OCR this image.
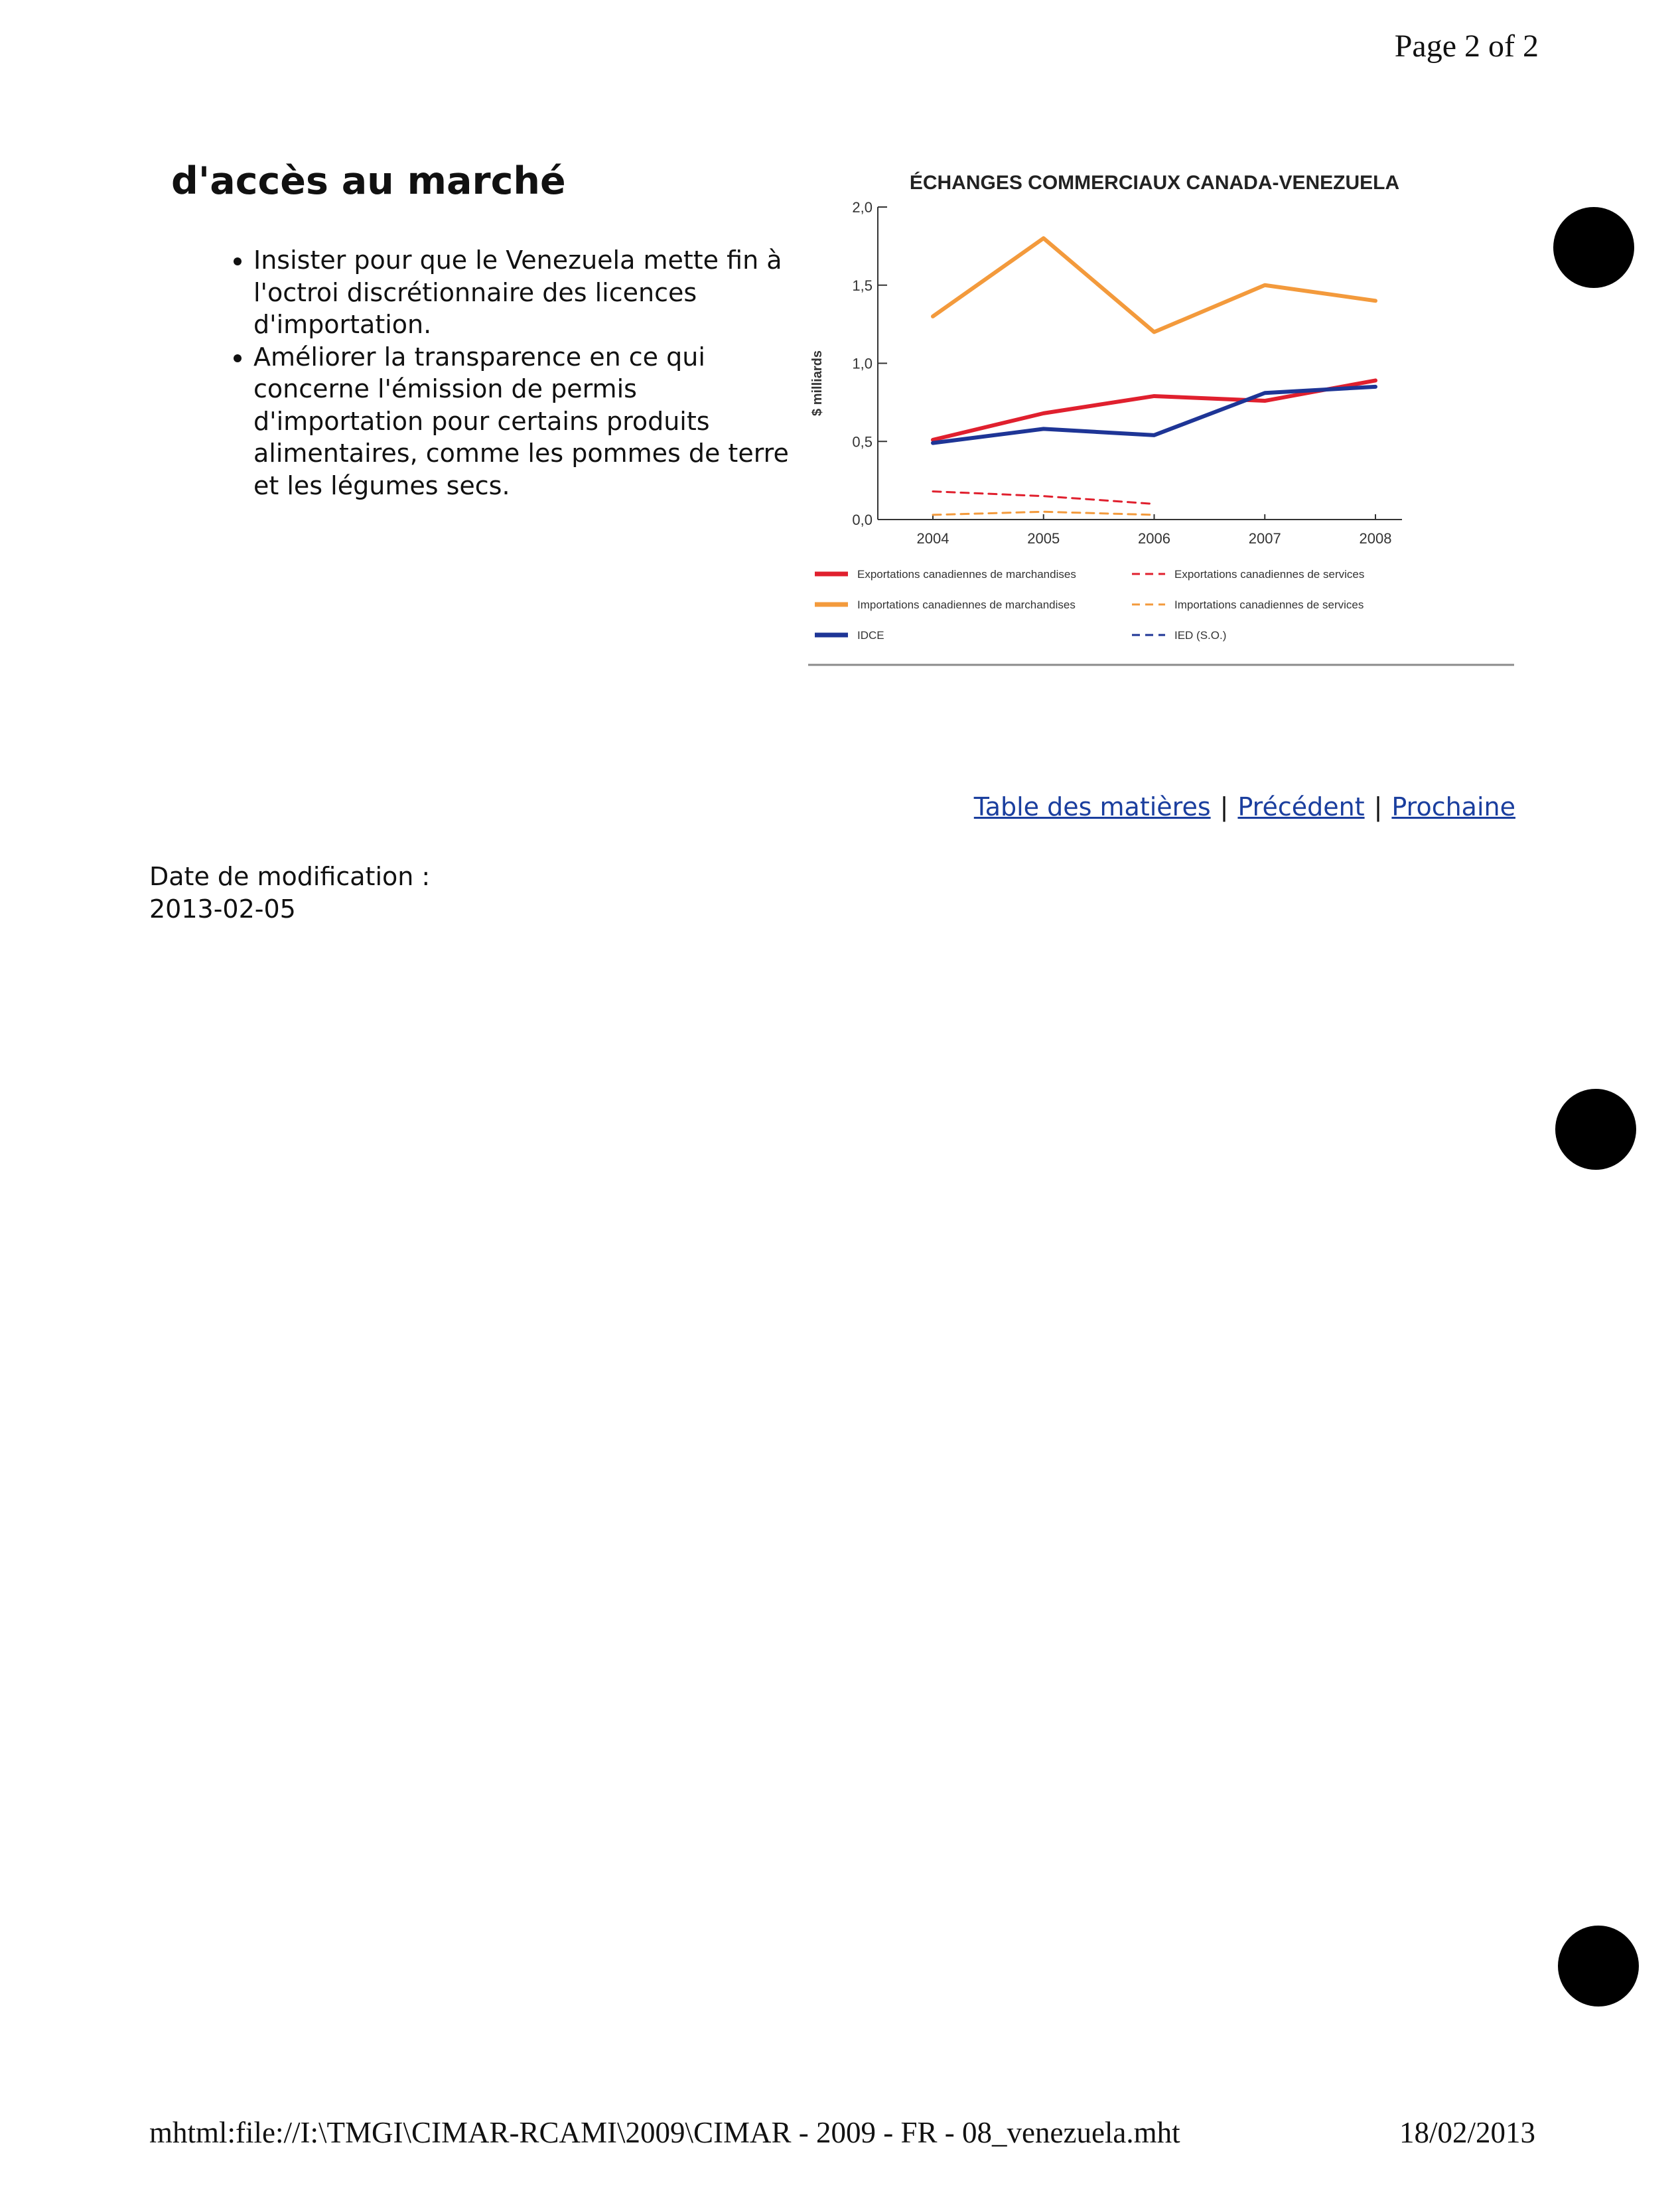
Page 2 of 2
d'accès au marché
• Insister pour que le Venezuela mette fin à l'octroi discrétionnaire des licences d'importation.
• Améliorer la transparence en ce qui concerne l'émission de permis d'importation pour certains produits alimentaires, comme les pommes de terre et les légumes secs.
ÉCHANGES COMMERCIAUX CANADA-VENEZUELA
0,0
0,5
1,0
1,5
2,0
2004	2005	2006	2007	2008
$ milliards
Exportations canadiennes de marchandises	Exportations canadiennes de services
Importations canadiennes de marchandises	Importations canadiennes de services
IDCE	IED (S.O.)
Table des matières | Précédent | Prochaine
Date de modification :
2013-02-05
mhtml:file://I:\TMGI\CIMAR-RCAMI\2009\CIMAR - 2009 - FR - 08_venezuela.mht	18/02/2013
